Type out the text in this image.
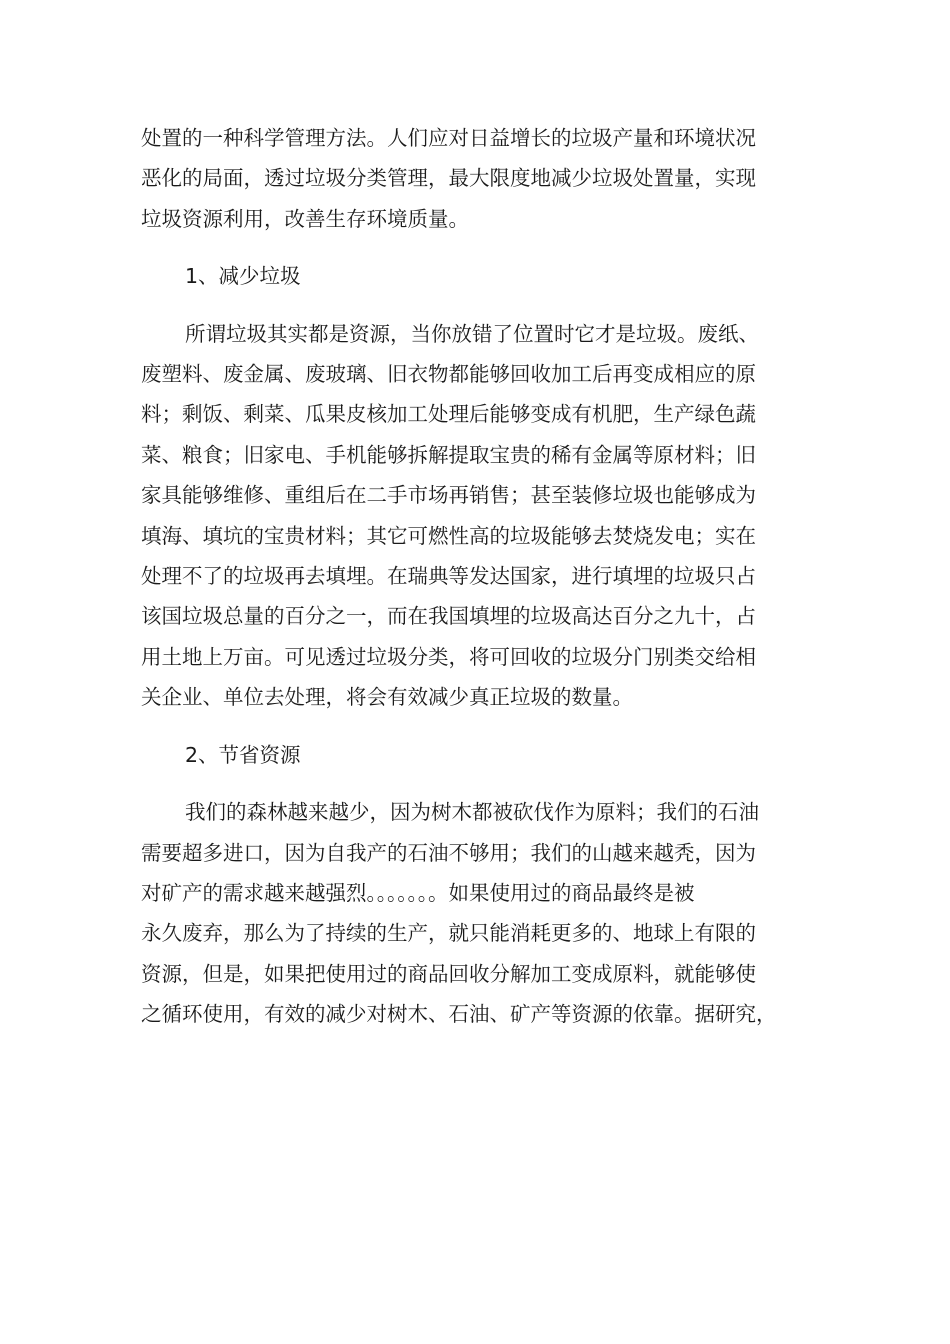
处置的一种科学管理方法。人们应对日益增长的垃圾产量和环境状况
恶化的局面，透过垃圾分类管理，最大限度地减少垃圾处置量，实现
垃圾资源利用，改善生存环境质量。

1、减少垃圾

所谓垃圾其实都是资源，当你放错了位置时它才是垃圾。废纸、
废塑料、废金属、废玻璃、旧衣物都能够回收加工后再变成相应的原
料；剩饭、剩菜、瓜果皮核加工处理后能够变成有机肥，生产绿色蔬
菜、粮食；旧家电、手机能够拆解提取宝贵的稀有金属等原材料；旧
家具能够维修、重组后在二手市场再销售；甚至装修垃圾也能够成为
填海、填坑的宝贵材料；其它可燃性高的垃圾能够去焚烧发电；实在
处理不了的垃圾再去填埋。在瑞典等发达国家，进行填埋的垃圾只占
该国垃圾总量的百分之一，而在我国填埋的垃圾高达百分之九十，占
用土地上万亩。可见透过垃圾分类，将可回收的垃圾分门别类交给相
关企业、单位去处理，将会有效减少真正垃圾的数量。

2、节省资源

我们的森林越来越少，因为树木都被砍伐作为原料；我们的石油
需要超多进口，因为自我产的石油不够用；我们的山越来越秃，因为
对矿产的需求越来越强烈。。。。。。。如果使用过的商品最终是被
永久废弃，那么为了持续的生产，就只能消耗更多的、地球上有限的
资源，但是，如果把使用过的商品回收分解加工变成原料，就能够使
之循环使用，有效的减少对树木、石油、矿产等资源的依靠。据研究，
